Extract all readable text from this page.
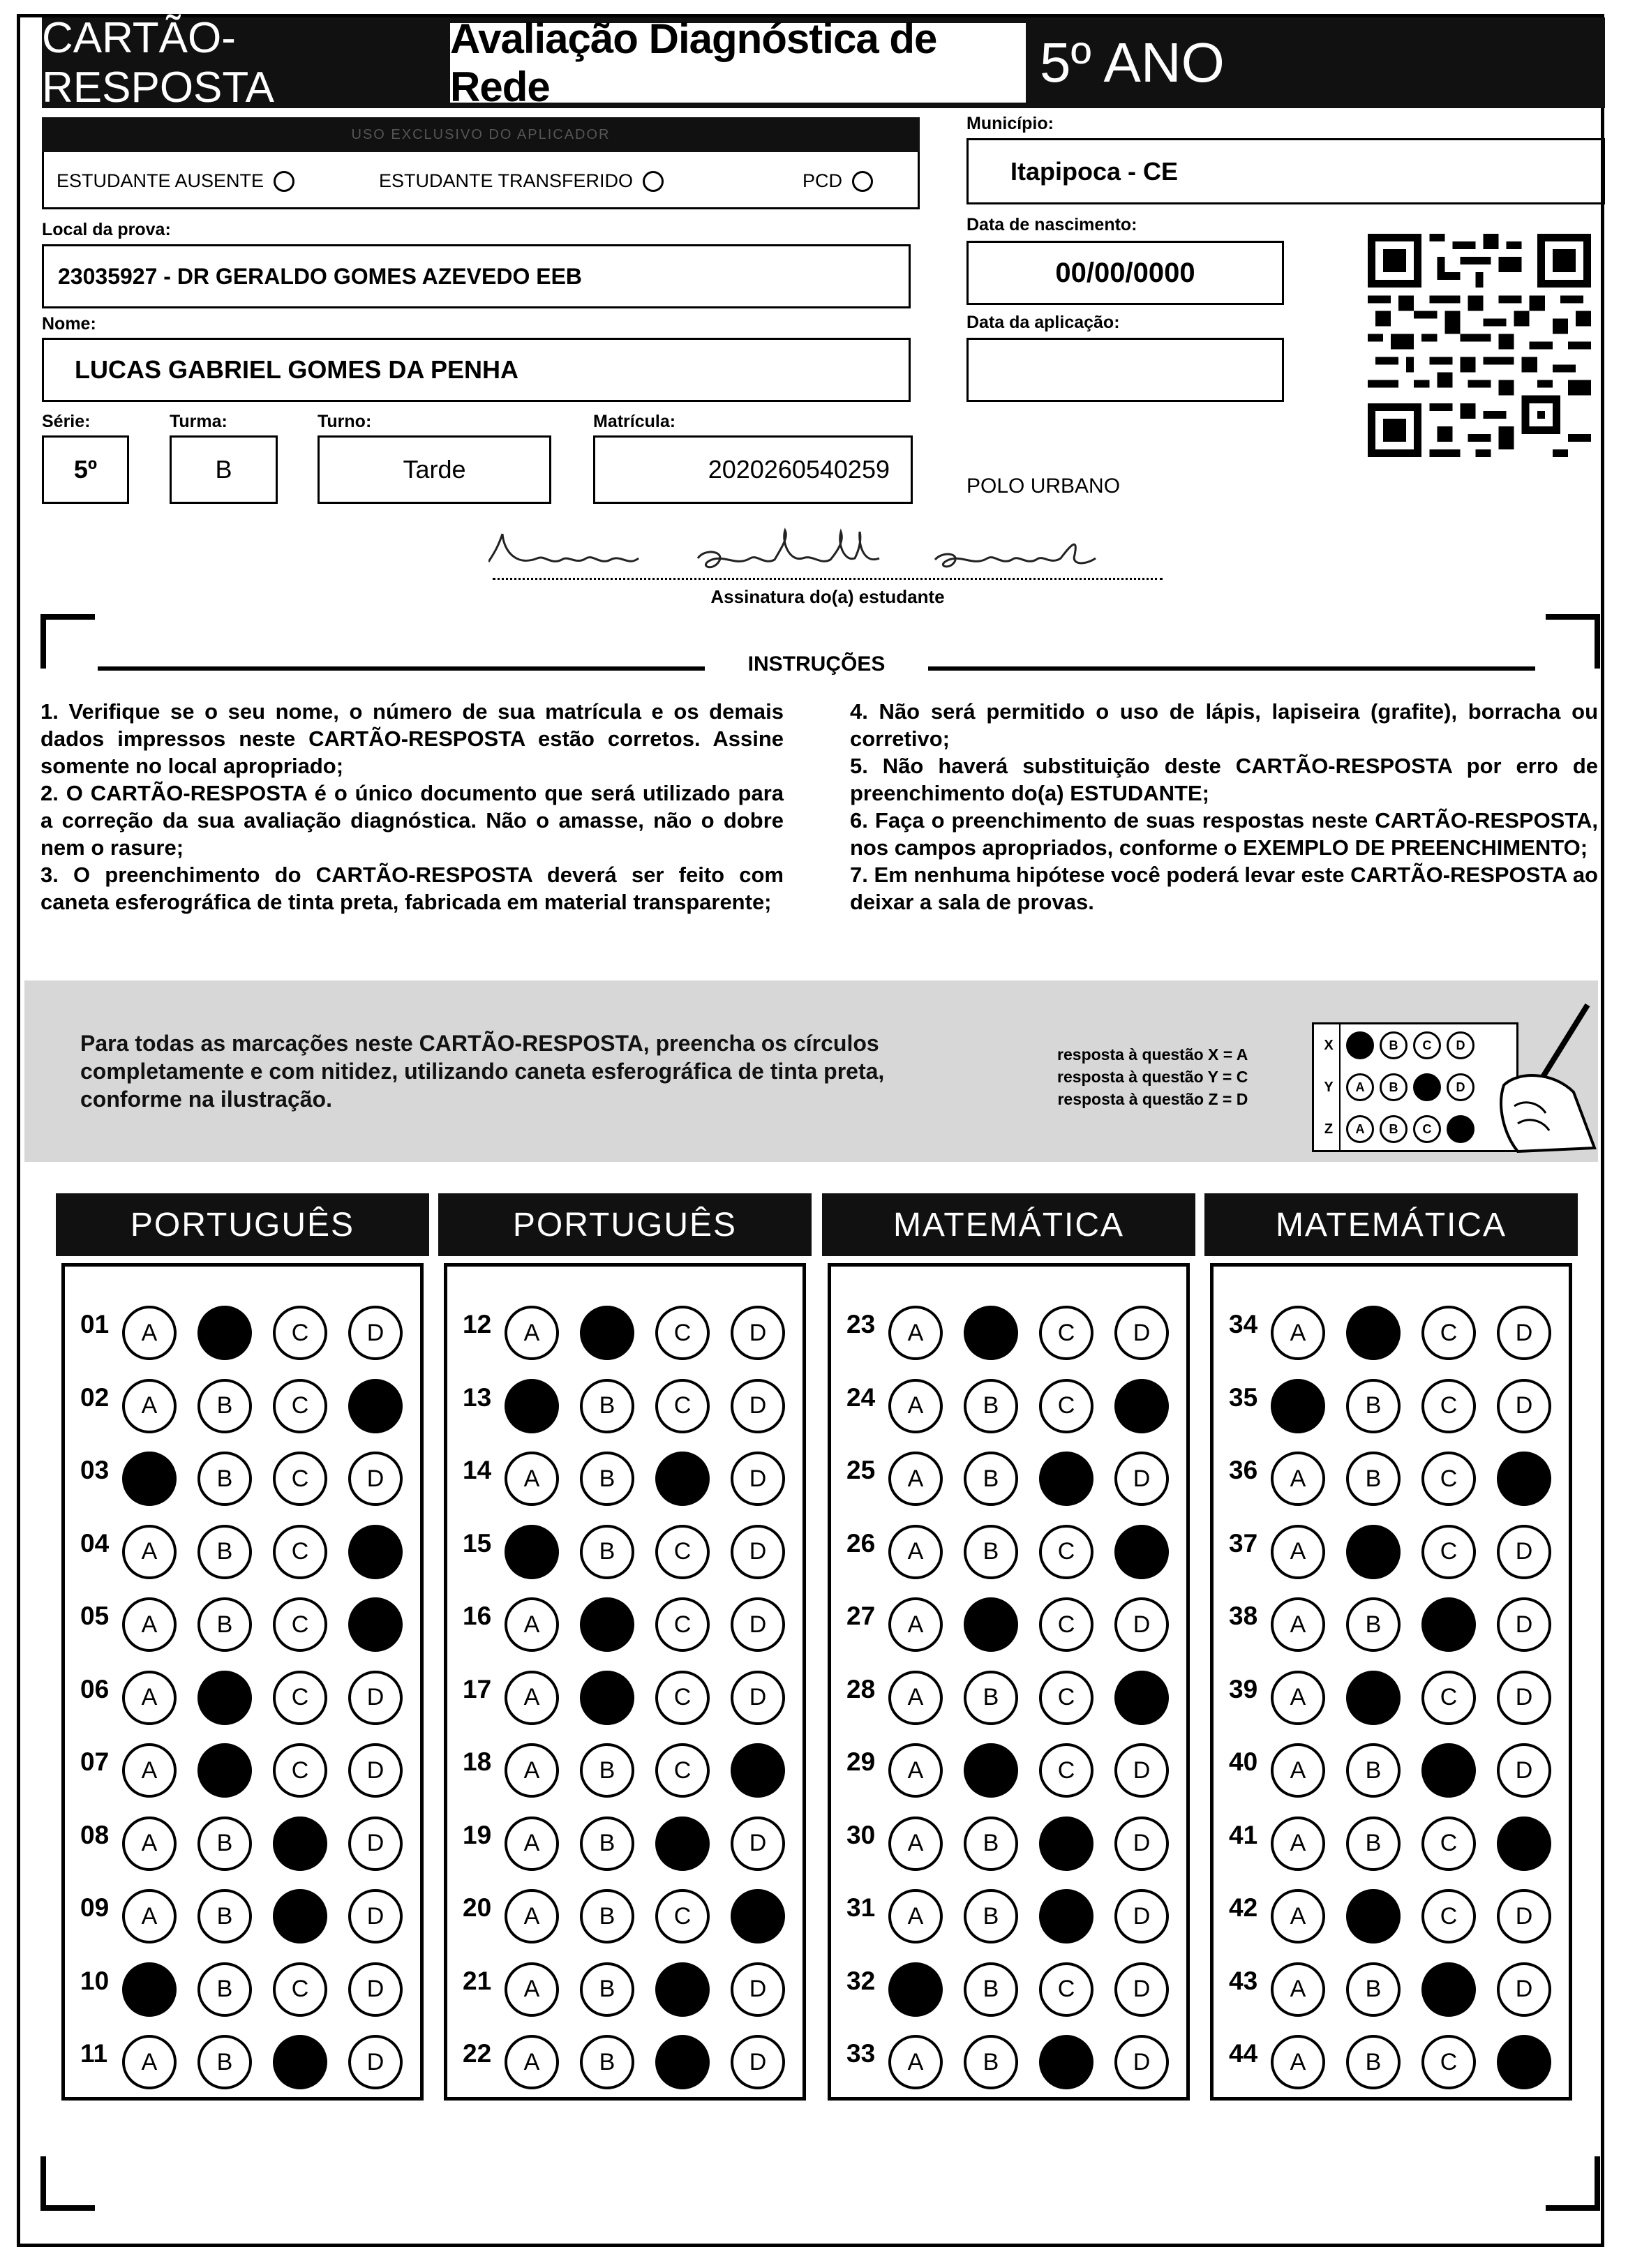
CARTÃO-RESPOSTA
Avaliação Diagnóstica de Rede	5º ANO
USO EXCLUSIVO DO APLICADOR
ESTUDANTE AUSENTE	ESTUDANTE TRANSFERIDO	PCD
Local da prova:
23035927 - DR GERALDO GOMES AZEVEDO EEB
Nome:
LUCAS GABRIEL GOMES DA PENHA
Série:
5º
Turma:
B
Turno:
Tarde
Matrícula:
2020260540259
Município:
Itapipoca - CE
Data de nascimento:
00/00/0000
Data da aplicação:
POLO URBANO
Assinatura do(a) estudante
INSTRUÇÕES

1. Verifique se o seu nome, o número de sua matrícula e os demais dados impressos neste CARTÃO-RESPOSTA estão corretos. Assine somente no local apropriado;

2. O CARTÃO-RESPOSTA é o único documento que será utilizado para a correção da sua avaliação diagnóstica. Não o amasse, não o dobre nem o rasure;

3. O preenchimento do CARTÃO-RESPOSTA deverá ser feito com caneta esferográfica de tinta preta, fabricada em material transparente;

4. Não será permitido o uso de lápis, lapiseira (grafite), borracha ou corretivo;

5. Não haverá substituição deste CARTÃO-RESPOSTA por erro de preenchimento do(a) ESTUDANTE;

6. Faça o preenchimento de suas respostas neste CARTÃO-RESPOSTA, nos campos apropriados, conforme o EXEMPLO DE PREENCHIMENTO;

7. Em nenhuma hipótese você poderá levar este CARTÃO-RESPOSTA ao deixar a sala de provas.

Para todas as marcações neste CARTÃO-RESPOSTA, preencha os círculos completamente e com nitidez, utilizando caneta esferográfica de tinta preta, conforme na ilustração.
resposta à questão X = A
resposta à questão Y = C
resposta à questão Z = D
X	A	B	C	D
Y	A	B	C	D
Z	A	B	C	D
PORTUGUÊS
01	A	B	C	D
02	A	B	C	D
03	A	B	C	D
04	A	B	C	D
05	A	B	C	D
06	A	B	C	D
07	A	B	C	D
08	A	B	C	D
09	A	B	C	D
10	A	B	C	D
11	A	B	C	D
PORTUGUÊS
12	A	B	C	D
13	A	B	C	D
14	A	B	C	D
15	A	B	C	D
16	A	B	C	D
17	A	B	C	D
18	A	B	C	D
19	A	B	C	D
20	A	B	C	D
21	A	B	C	D
22	A	B	C	D
MATEMÁTICA
23	A	B	C	D
24	A	B	C	D
25	A	B	C	D
26	A	B	C	D
27	A	B	C	D
28	A	B	C	D
29	A	B	C	D
30	A	B	C	D
31	A	B	C	D
32	A	B	C	D
33	A	B	C	D
MATEMÁTICA
34	A	B	C	D
35	A	B	C	D
36	A	B	C	D
37	A	B	C	D
38	A	B	C	D
39	A	B	C	D
40	A	B	C	D
41	A	B	C	D
42	A	B	C	D
43	A	B	C	D
44	A	B	C	D
